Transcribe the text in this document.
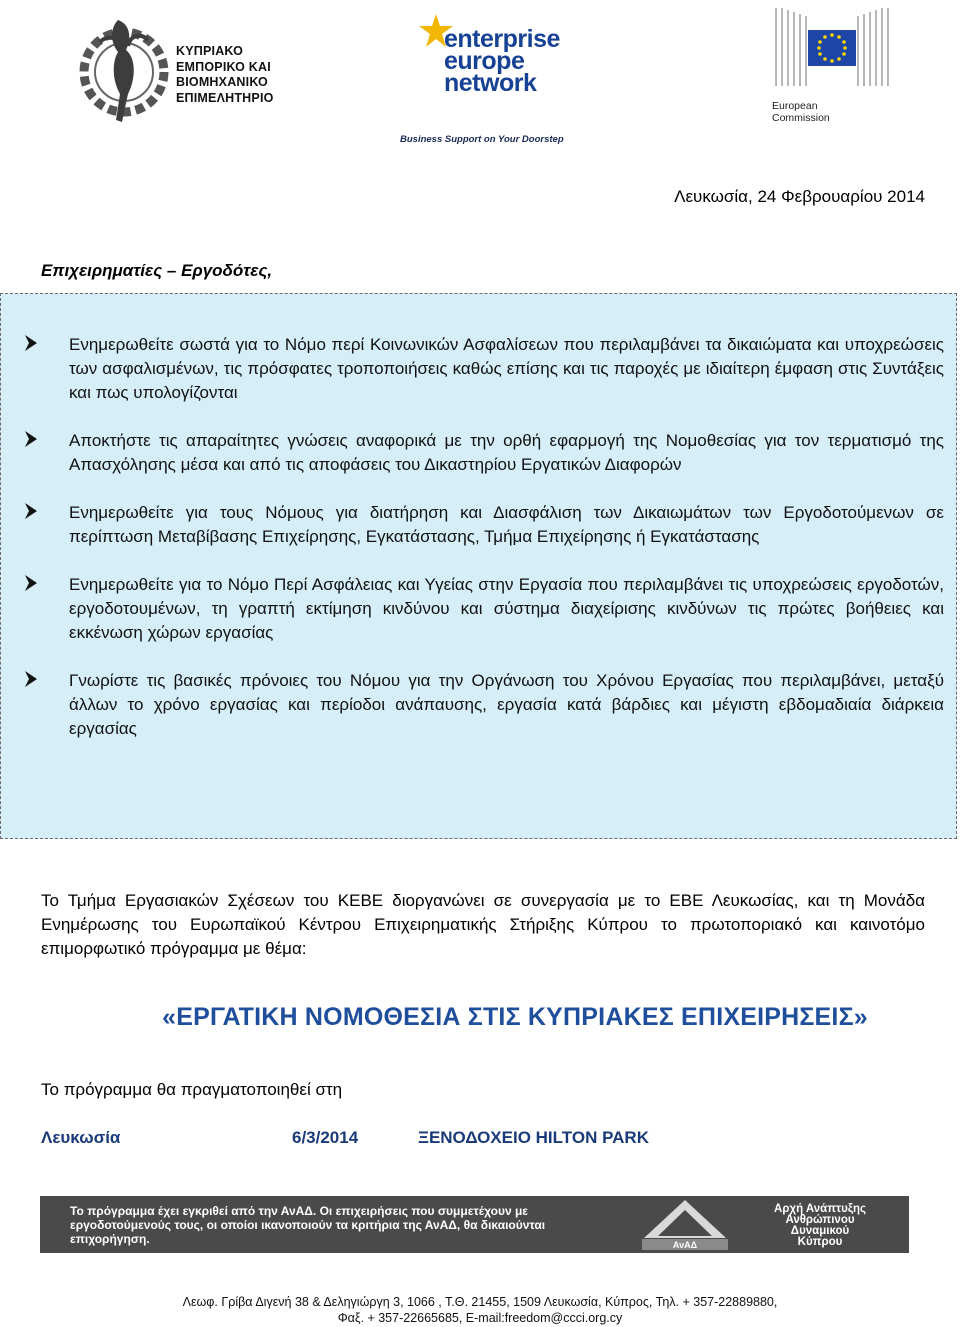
ΚΥΠΡΙΑΚΟ
ΕΜΠΟΡΙΚΟ ΚΑΙ
ΒΙΟΜΗΧΑΝΙΚΟ
ΕΠΙΜΕΛΗΤΗΡΙΟ
enterprise
europe
network
Business Support on Your Doorstep
European
Commission
Λευκωσία, 24 Φεβρουαρίου 2014
Επιχειρηματίες – Εργοδότες,
Ενημερωθείτε σωστά για το Νόμο περί Κοινωνικών Ασφαλίσεων που περιλαμβάνει τα δικαιώματα και υποχρεώσεις των ασφαλισμένων, τις πρόσφατες τροποποιήσεις καθώς επίσης και τις παροχές με ιδιαίτερη έμφαση στις Συντάξεις και πως υπολογίζονται
Αποκτήστε τις απαραίτητες γνώσεις αναφορικά με την ορθή εφαρμογή της Νομοθεσίας για τον τερματισμό της Απασχόλησης μέσα και από τις αποφάσεις του Δικαστηρίου Εργατικών Διαφορών
Ενημερωθείτε για τους Νόμους για διατήρηση και Διασφάλιση των Δικαιωμάτων των Εργοδοτούμενων σε περίπτωση Μεταβίβασης Επιχείρησης, Εγκατάστασης, Τμήμα Επιχείρησης ή Εγκατάστασης
Ενημερωθείτε για το Νόμο Περί Ασφάλειας και Υγείας στην Εργασία που περιλαμβάνει τις υποχρεώσεις εργοδοτών, εργοδοτουμένων, τη γραπτή εκτίμηση κινδύνου και σύστημα διαχείρισης κινδύνων τις πρώτες βοήθειες και εκκένωση χώρων εργασίας
Γνωρίστε τις βασικές πρόνοιες του Νόμου για την Οργάνωση του Χρόνου Εργασίας που περιλαμβάνει, μεταξύ άλλων το χρόνο εργασίας και περίοδοι ανάπαυσης, εργασία κατά βάρδιες και μέγιστη εβδομαδιαία διάρκεια εργασίας
Το Τμήμα Εργασιακών Σχέσεων του ΚΕΒΕ διοργανώνει σε συνεργασία με το ΕΒΕ Λευκωσίας, και τη Μονάδα Ενημέρωσης του Ευρωπαϊκού Κέντρου Επιχειρηματικής Στήριξης Κύπρου το πρωτοποριακό και καινοτόμο επιμορφωτικό πρόγραμμα με θέμα:
«ΕΡΓΑΤΙΚΗ ΝΟΜΟΘΕΣΙΑ ΣΤΙΣ ΚΥΠΡΙΑΚΕΣ ΕΠΙΧΕΙΡΗΣΕΙΣ»
Το πρόγραμμα θα πραγματοποιηθεί στη
Λευκωσία	6/3/2014	ΞΕΝΟΔΟΧΕΙΟ HILTON PARK
Το πρόγραμμα έχει εγκριθεί από την ΑνΑΔ. Οι επιχειρήσεις που συμμετέχουν με εργοδοτούμενούς τους, οι οποίοι ικανοποιούν τα κριτήρια της ΑνΑΔ, θα δικαιούνται επιχορήγηση.	ΑνΑΔ
Αρχή Ανάπτυξης
Ανθρώπινου
Δυναμικού
Κύπρου
Λεωφ. Γρίβα Διγενή 38 & Δεληγιώργη 3, 1066 , Τ.Θ. 21455, 1509 Λευκωσία, Κύπρος, Τηλ. + 357-22889880,
Φαξ. + 357-22665685, E-mail:freedom@ccci.org.cy
